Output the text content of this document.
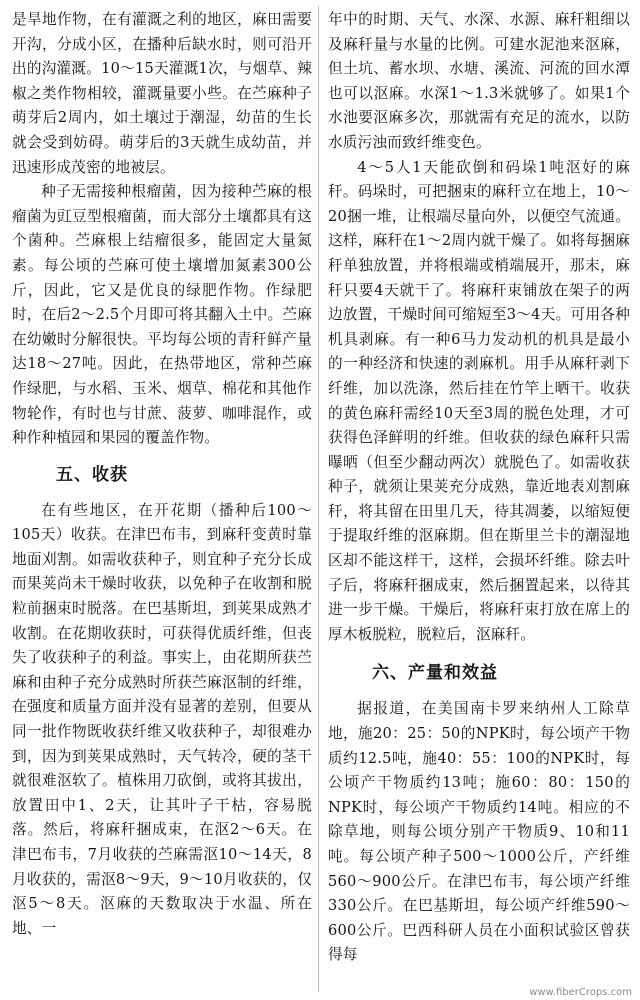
是旱地作物，在有灌溉之利的地区，麻田需要开沟，分成小区，在播种后缺水时，则可沿开出的沟灌溉。10～15天灌溉1次，与烟草、辣椒之类作物相较，灌溉量要小些。在苎麻种子萌芽后2周内，如土壤过于潮湿，幼苗的生长就会受到妨碍。萌芽后的3天就生成幼苗，并迅速形成茂密的地被层。

种子无需接种根瘤菌，因为接种苎麻的根瘤菌为豇豆型根瘤菌，而大部分土壤都具有这个菌种。苎麻根上结瘤很多，能固定大量氮素。每公顷的苎麻可使土壤增加氮素300公斤，因此，它又是优良的绿肥作物。作绿肥时，在后2～2.5个月即可将其翻入土中。苎麻在幼嫩时分解很快。平均每公顷的青秆鲜产量达18～27吨。因此，在热带地区，常种苎麻作绿肥，与水稻、玉米、烟草、棉花和其他作物轮作，有时也与甘蔗、菠萝、咖啡混作，或种作种植园和果园的覆盖作物。

五、收获

在有些地区，在开花期（播种后100～105天）收获。在津巴布韦，到麻秆变黄时靠地面刈割。如需收获种子，则宜种子充分长成而果荚尚未干燥时收获，以免种子在收割和脱粒前捆束时脱落。在巴基斯坦，到荚果成熟才收割。在花期收获时，可获得优质纤维，但丧失了收获种子的利益。事实上，由花期所获苎麻和由种子充分成熟时所获苎麻沤制的纤维，在强度和质量方面并没有显著的差别，但要从同一批作物既收获纤维又收获种子，却很难办到，因为到荚果成熟时，天气转冷，硬的茎干就很难沤软了。植株用刀砍倒，或将其拔出，放置田中1、2天，让其叶子干枯，容易脱落。然后，将麻秆捆成束，在沤2～6天。在津巴布韦，7月收获的苎麻需沤10～14天，8月收获的，需沤8～9天，9～10月收获的，仅沤5～8天。沤麻的天数取决于水温、所在地、一

年中的时期、天气、水深、水源、麻秆粗细以及麻秆量与水量的比例。可建水泥池来沤麻，但土坑、蓄水坝、水塘、溪流、河流的回水潭也可以沤麻。水深1～1.3米就够了。如果1个水池要沤麻多次，那就需有充足的流水，以防水质污浊而致纤维变色。

4～5人1天能砍倒和码垛1吨沤好的麻秆。码垛时，可把捆束的麻秆立在地上，10～20捆一堆，让根端尽量向外，以便空气流通。这样，麻秆在1～2周内就干燥了。如将每捆麻秆单独放置，并将根端或梢端展开，那末，麻秆只要4天就干了。将麻秆束铺放在架子的两边放置，干燥时间可缩短至3～4天。可用各种机具剥麻。有一种6马力发动机的机具是最小的一种经济和快速的剥麻机。用手从麻秆剥下纤维，加以洗涤，然后挂在竹竿上晒干。收获的黄色麻秆需经10天至3周的脱色处理，才可获得色泽鲜明的纤维。但收获的绿色麻秆只需曝晒（但至少翻动两次）就脱色了。如需收获种子，就须让果荚充分成熟，靠近地表刈割麻秆，将其留在田里几天，待其凋萎，以缩短便于提取纤维的沤麻期。但在斯里兰卡的潮湿地区却不能这样干，这样，会损坏纤维。除去叶子后，将麻秆捆成束，然后捆置起来，以待其进一步干燥。干燥后，将麻秆束打放在席上的厚木板脱粒，脱粒后，沤麻秆。

六、产量和效益

据报道，在美国南卡罗来纳州人工除草地，施20：25：50的NPK时，每公顷产干物质约12.5吨，施40：55：100的NPK时，每公顷产干物质约13吨；施60：80：150的NPK时，每公顷产干物质约14吨。相应的不除草地，则每公顷分别产干物质9、10和11吨。每公顷产种子500～1000公斤，产纤维560～900公斤。在津巴布韦，每公顷产纤维330公斤。在巴基斯坦，每公顷产纤维590～600公斤。巴西科研人员在小面积试验区曾获得每

www.fiberCrops.com
